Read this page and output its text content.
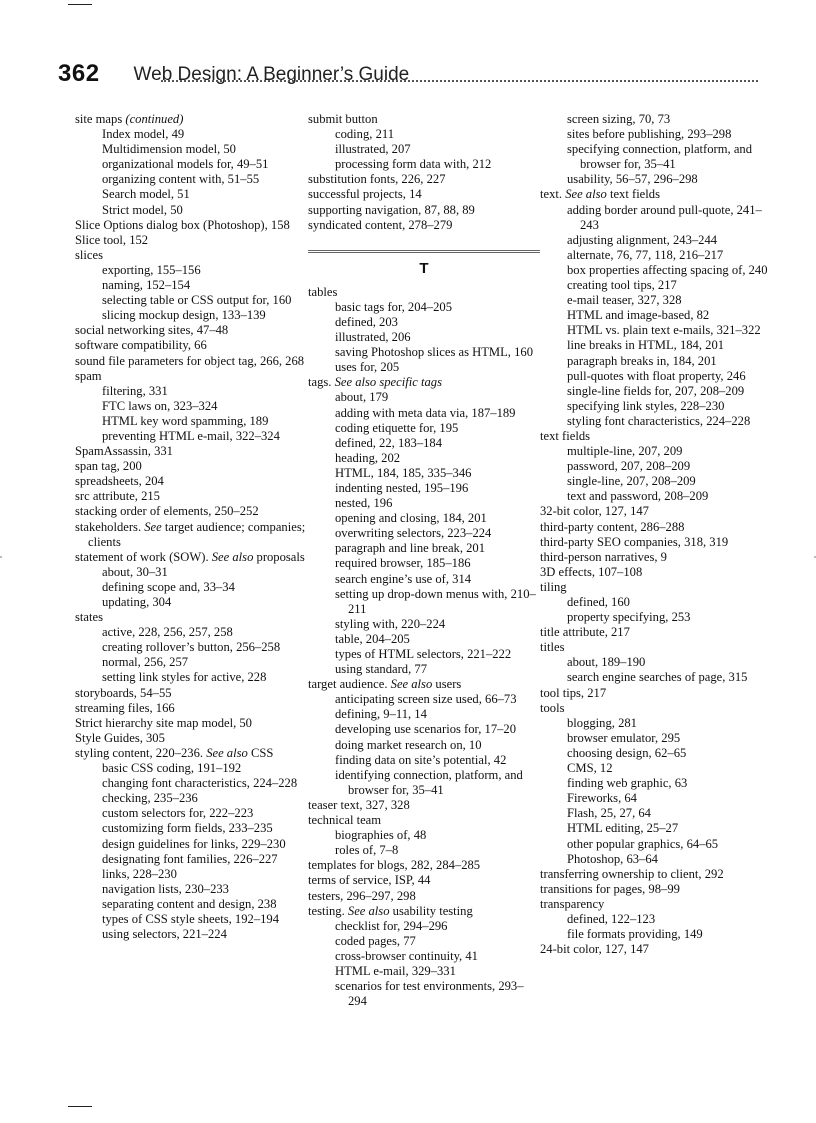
362 Web Design: A Beginner’s Guide
site maps (continued)
Index model, 49
Multidimension model, 50
organizational models for, 49–51
organizing content with, 51–55
Search model, 51
Strict model, 50
Slice Options dialog box (Photoshop), 158
Slice tool, 152
slices
exporting, 155–156
naming, 152–154
selecting table or CSS output for, 160
slicing mockup design, 133–139
social networking sites, 47–48
software compatibility, 66
sound file parameters for object tag, 266, 268
spam
filtering, 331
FTC laws on, 323–324
HTML key word spamming, 189
preventing HTML e-mail, 322–324
SpamAssassin, 331
span tag, 200
spreadsheets, 204
src attribute, 215
stacking order of elements, 250–252
stakeholders. See target audience; companies; clients
statement of work (SOW). See also proposals
about, 30–31
defining scope and, 33–34
updating, 304
states
active, 228, 256, 257, 258
creating rollover’s button, 256–258
normal, 256, 257
setting link styles for active, 228
storyboards, 54–55
streaming files, 166
Strict hierarchy site map model, 50
Style Guides, 305
styling content, 220–236. See also CSS
basic CSS coding, 191–192
changing font characteristics, 224–228
checking, 235–236
custom selectors for, 222–223
customizing form fields, 233–235
design guidelines for links, 229–230
designating font families, 226–227
links, 228–230
navigation lists, 230–233
separating content and design, 238
types of CSS style sheets, 192–194
using selectors, 221–224
submit button
coding, 211
illustrated, 207
processing form data with, 212
substitution fonts, 226, 227
successful projects, 14
supporting navigation, 87, 88, 89
syndicated content, 278–279
T
tables
basic tags for, 204–205
defined, 203
illustrated, 206
saving Photoshop slices as HTML, 160
uses for, 205
tags. See also specific tags
about, 179
adding with meta data via, 187–189
coding etiquette for, 195
defined, 22, 183–184
heading, 202
HTML, 184, 185, 335–346
indenting nested, 195–196
nested, 196
opening and closing, 184, 201
overwriting selectors, 223–224
paragraph and line break, 201
required browser, 185–186
search engine’s use of, 314
setting up drop-down menus with, 210–211
styling with, 220–224
table, 204–205
types of HTML selectors, 221–222
using standard, 77
target audience. See also users
anticipating screen size used, 66–73
defining, 9–11, 14
developing use scenarios for, 17–20
doing market research on, 10
finding data on site’s potential, 42
identifying connection, platform, and browser for, 35–41
teaser text, 327, 328
technical team
biographies of, 48
roles of, 7–8
templates for blogs, 282, 284–285
terms of service, ISP, 44
testers, 296–297, 298
testing. See also usability testing
checklist for, 294–296
coded pages, 77
cross-browser continuity, 41
HTML e-mail, 329–331
scenarios for test environments, 293–294
screen sizing, 70, 73
sites before publishing, 293–298
specifying connection, platform, and browser for, 35–41
usability, 56–57, 296–298
text. See also text fields
adding border around pull-quote, 241–243
adjusting alignment, 243–244
alternate, 76, 77, 118, 216–217
box properties affecting spacing of, 240
creating tool tips, 217
e-mail teaser, 327, 328
HTML and image-based, 82
HTML vs. plain text e-mails, 321–322
line breaks in HTML, 184, 201
paragraph breaks in, 184, 201
pull-quotes with float property, 246
single-line fields for, 207, 208–209
specifying link styles, 228–230
styling font characteristics, 224–228
text fields
multiple-line, 207, 209
password, 207, 208–209
single-line, 207, 208–209
text and password, 208–209
32-bit color, 127, 147
third-party content, 286–288
third-party SEO companies, 318, 319
third-person narratives, 9
3D effects, 107–108
tiling
defined, 160
property specifying, 253
title attribute, 217
titles
about, 189–190
search engine searches of page, 315
tool tips, 217
tools
blogging, 281
browser emulator, 295
choosing design, 62–65
CMS, 12
finding web graphic, 63
Fireworks, 64
Flash, 25, 27, 64
HTML editing, 25–27
other popular graphics, 64–65
Photoshop, 63–64
transferring ownership to client, 292
transitions for pages, 98–99
transparency
defined, 122–123
file formats providing, 149
24-bit color, 127, 147
